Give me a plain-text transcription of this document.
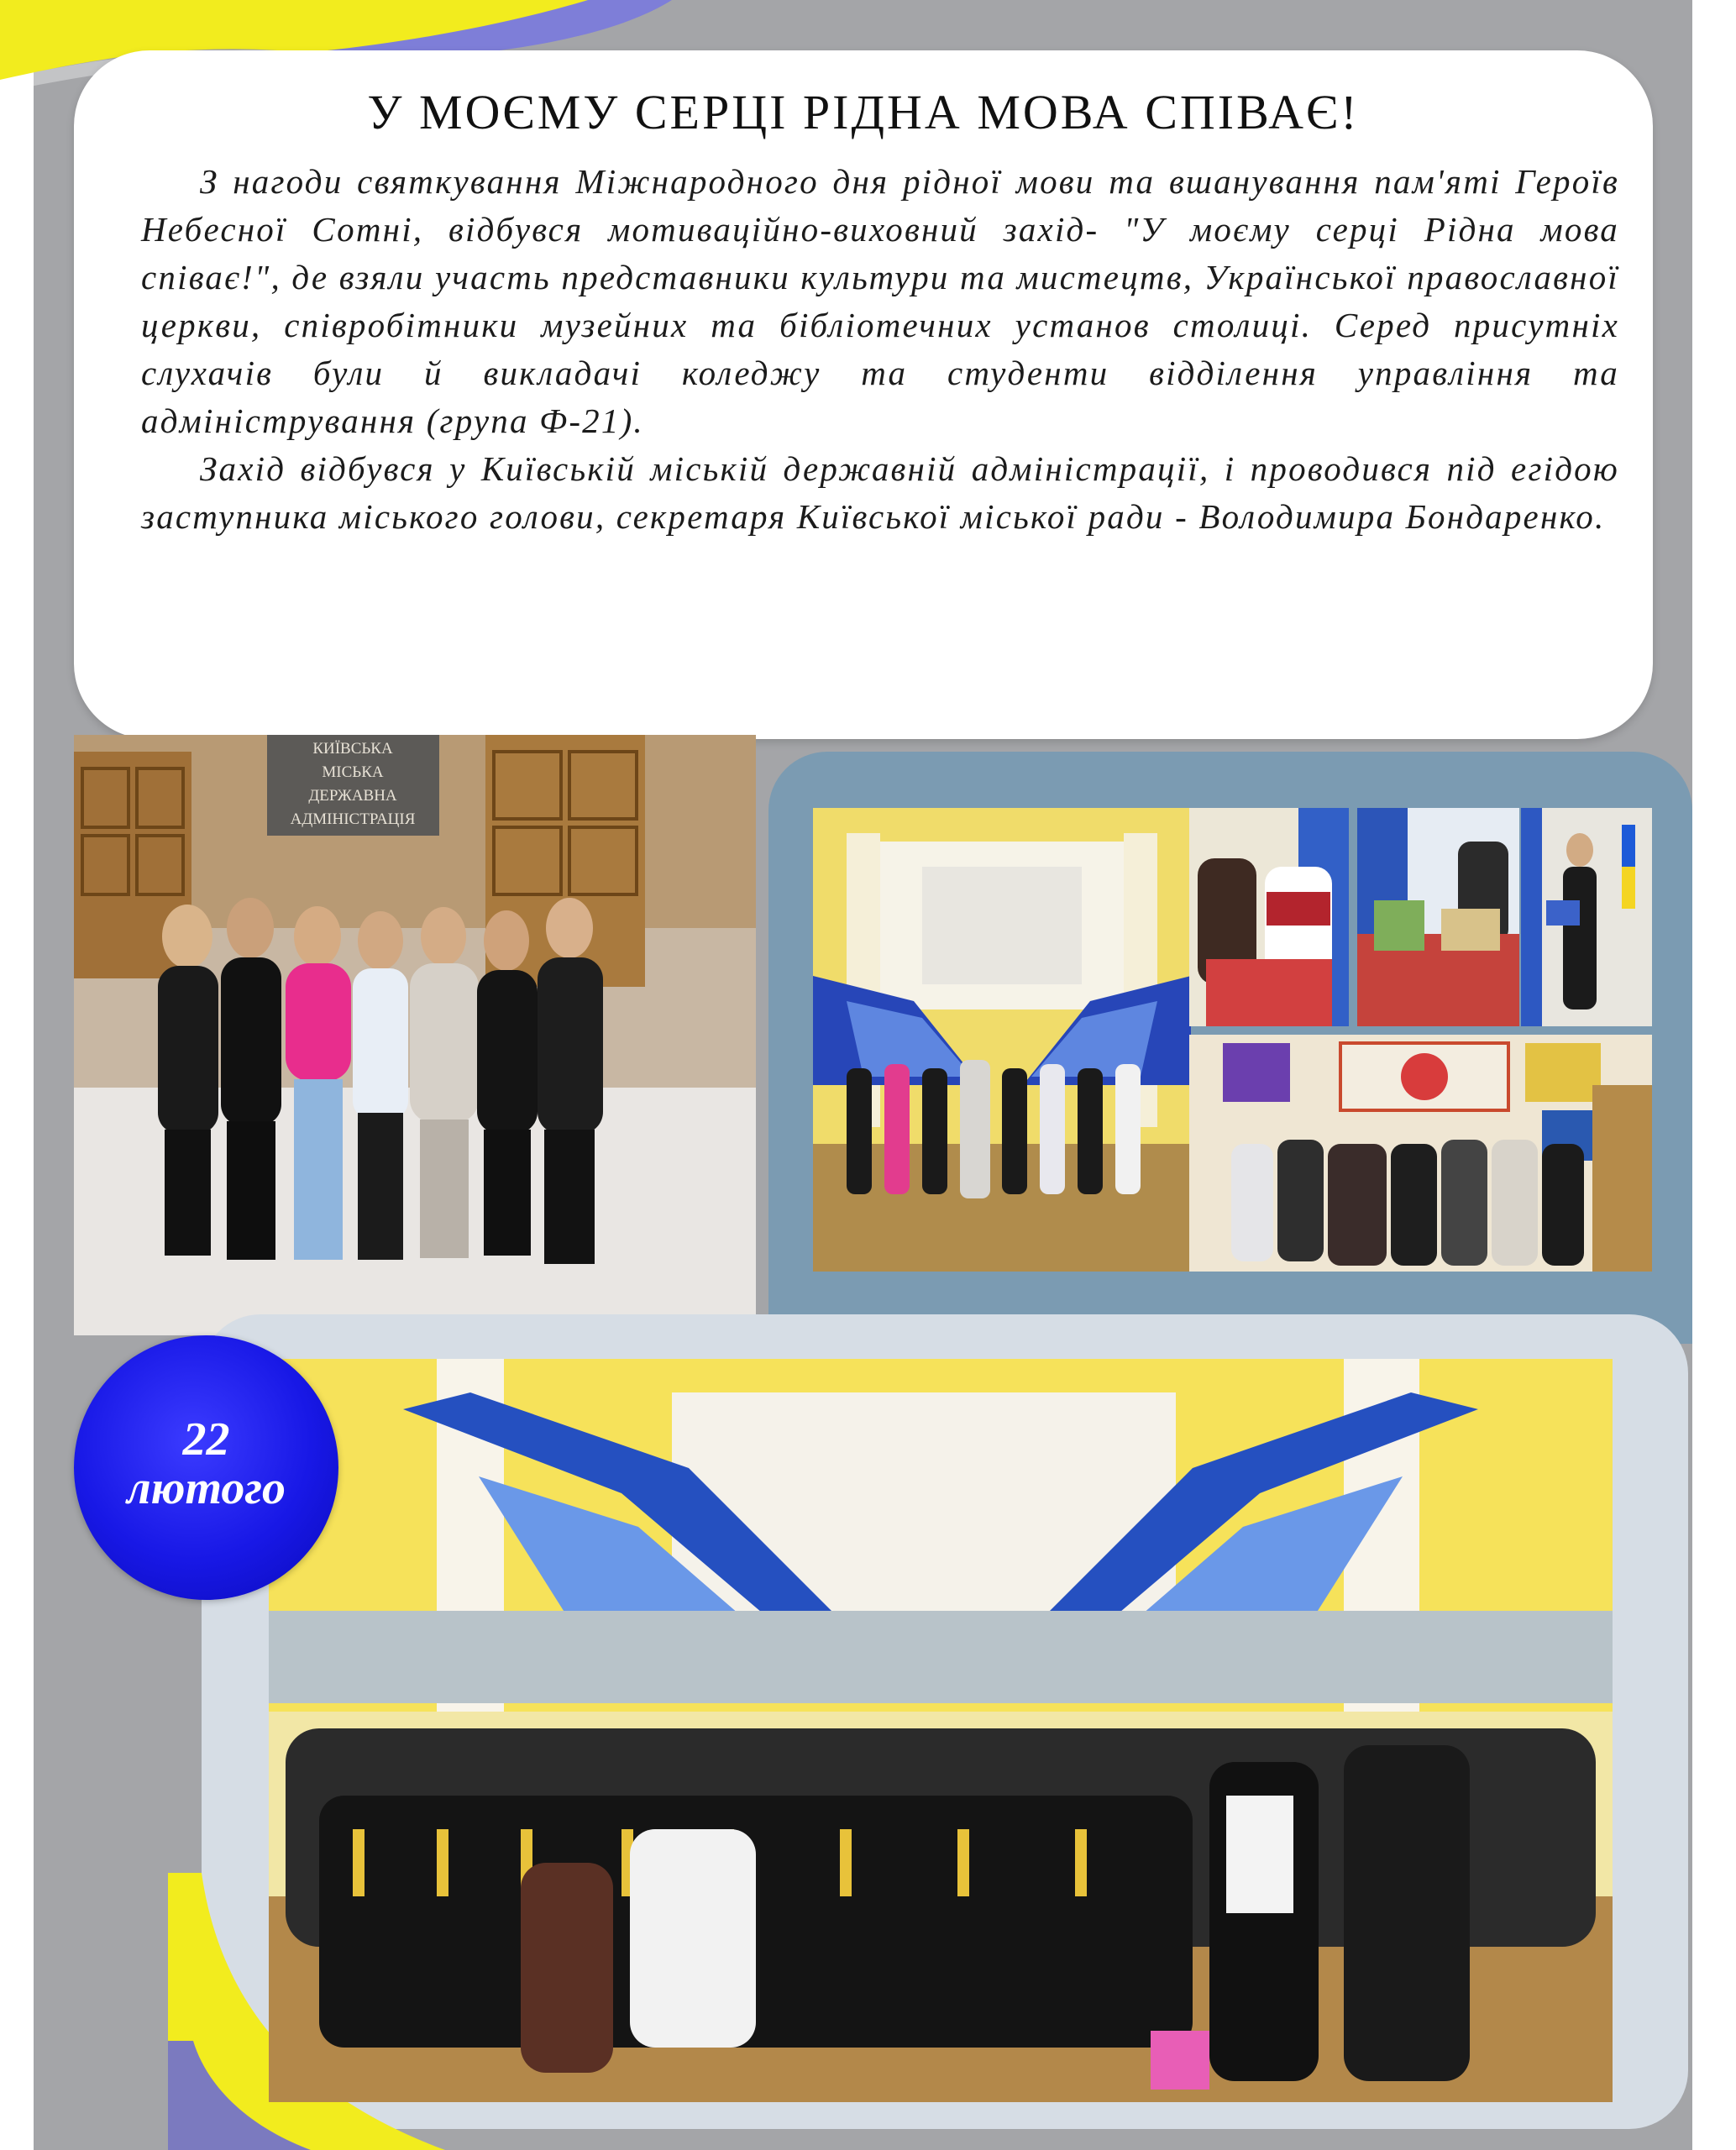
У МОЄМУ СЕРЦІ РІДНА МОВА СПІВАЄ!

З нагоди святкування Міжнародного дня рідної мови та вшанування пам'яті Героїв Небесної Сотні, відбувся мотиваційно-виховний захід- "У моєму серці Рідна мова співає!", де взяли участь представники культури та мистецтв, Української православної церкви, співробітники музейних та бібліотечних установ столиці. Серед присутніх слухачів були й викладачі коледжу та студенти відділення управління та адміністрування (група Ф-21).

Захід відбувся у Київській міській державній адміністрації, і проводився під егідою заступника міського голови, секретаря Київської міської ради - Володимира Бондаренко.

КИЇВСЬКА
МІСЬКА
ДЕРЖАВНА
АДМІНІСТРАЦІЯ
22
лютого
